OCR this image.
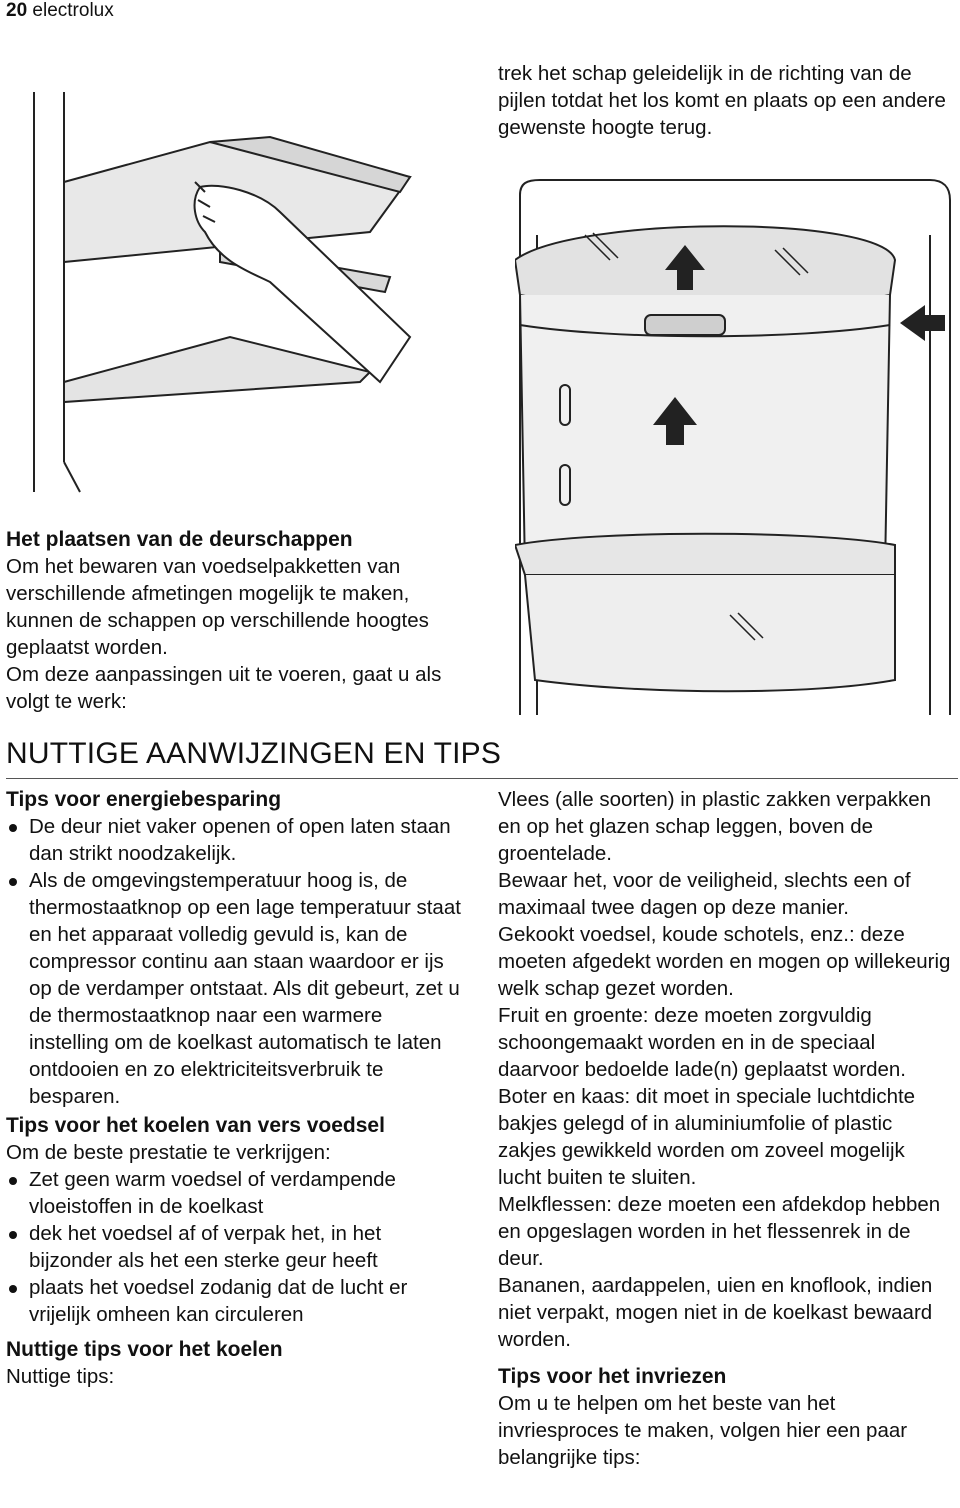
20 electrolux

trek het schap geleidelijk in de richting van de pijlen totdat het los komt en plaats op een andere gewenste hoogte terug.

Het plaatsen van de deurschappen

Om het bewaren van voedselpakketten van verschillende afmetingen mogelijk te maken, kunnen de schappen op verschillende hoogtes geplaatst worden.

Om deze aanpassingen uit te voeren, gaat u als volgt te werk:

NUTTIGE AANWIJZINGEN EN TIPS

Tips voor energiebesparing

De deur niet vaker openen of open laten staan dan strikt noodzakelijk.
Als de omgevingstemperatuur hoog is, de thermostaatknop op een lage temperatuur staat en het apparaat volledig gevuld is, kan de compressor continu aan staan waardoor er ijs op de verdamper ontstaat. Als dit gebeurt, zet u de thermostaatknop naar een warmere instelling om de koelkast automatisch te laten ontdooien en zo elektriciteitsverbruik te besparen.

Tips voor het koelen van vers voedsel

Om de beste prestatie te verkrijgen:

Zet geen warm voedsel of verdampende vloeistoffen in de koelkast
dek het voedsel af of verpak het, in het bijzonder als het een sterke geur heeft
plaats het voedsel zodanig dat de lucht er vrijelijk omheen kan circuleren

Nuttige tips voor het koelen

Nuttige tips:

Vlees (alle soorten) in plastic zakken verpakken en op het glazen schap leggen, boven de groentelade.

Bewaar het, voor de veiligheid, slechts een of maximaal twee dagen op deze manier.

Gekookt voedsel, koude schotels, enz.: deze moeten afgedekt worden en mogen op willekeurig welk schap gezet worden.

Fruit en groente: deze moeten zorgvuldig schoongemaakt worden en in de speciaal daarvoor bedoelde lade(n) geplaatst worden.

Boter en kaas: dit moet in speciale luchtdichte bakjes gelegd of in aluminiumfolie of plastic zakjes gewikkeld worden om zoveel mogelijk lucht buiten te sluiten.

Melkflessen: deze moeten een afdekdop hebben en opgeslagen worden in het flessenrek in de deur.

Bananen, aardappelen, uien en knoflook, indien niet verpakt, mogen niet in de koelkast bewaard worden.

Tips voor het invriezen

Om u te helpen om het beste van het invriesproces te maken, volgen hier een paar belangrijke tips:
